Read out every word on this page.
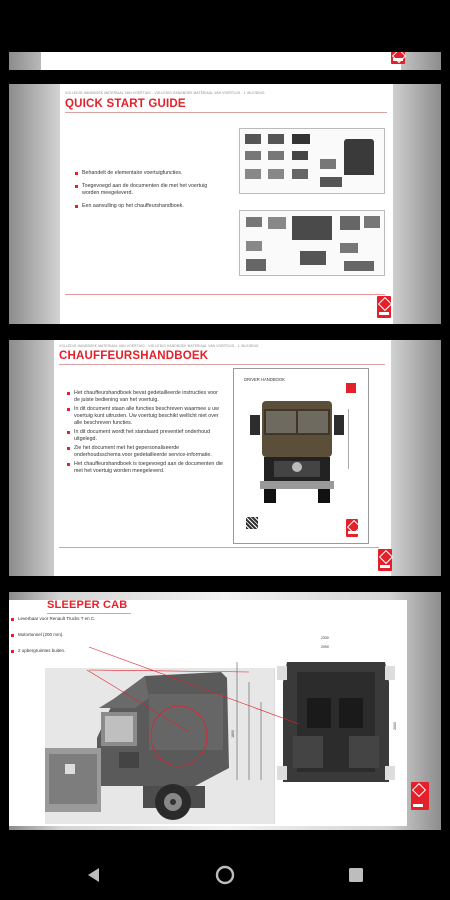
VOLLEDIG HANDBOEK MATERIAAL VAN VOERTUIG - VOLLEDIG HANDBOEK MATERIAAL VAN VOERTUIG - 1 INLEIDING
QUICK START GUIDE
Behandelt de elementaire voertuigfuncties.
Toegevoegd aan de documenten die met het voertuig worden meegeleverd.
Een aanvulling op het chauffeurshandboek.
VOLLEDIG HANDBOEK MATERIAAL VAN VOERTUIG - VOLLEDIG HANDBOEK MATERIAAL VAN VOERTUIG - 1 INLEIDING
CHAUFFEURSHANDBOEK
Het chauffeurshandboek bevat gedetailleerde instructies voor de juiste bediening van het voertuig.
In dit document staan alle functies beschreven waarmee u uw voertuig kunt uitrusten. Uw voertuig beschikt wellicht niet over alle beschreven functies.
In dit document wordt het standaard preventief onderhoud uitgelegd.
Zie het document met het gepersonaliseerde onderhoudsschema voor gedetailleerde service-informatie.
Het chauffeurshandboek is toegevoegd aan de documenten die met het voertuig worden meegeleverd.
DRIVER HANDBOOK
SLEEPER CAB
Leverbaar voor Renault Trucks T en C.
Motortunnel (200 mm).
2 opbergruimtes buiten.
1800
2330
2090
2000
